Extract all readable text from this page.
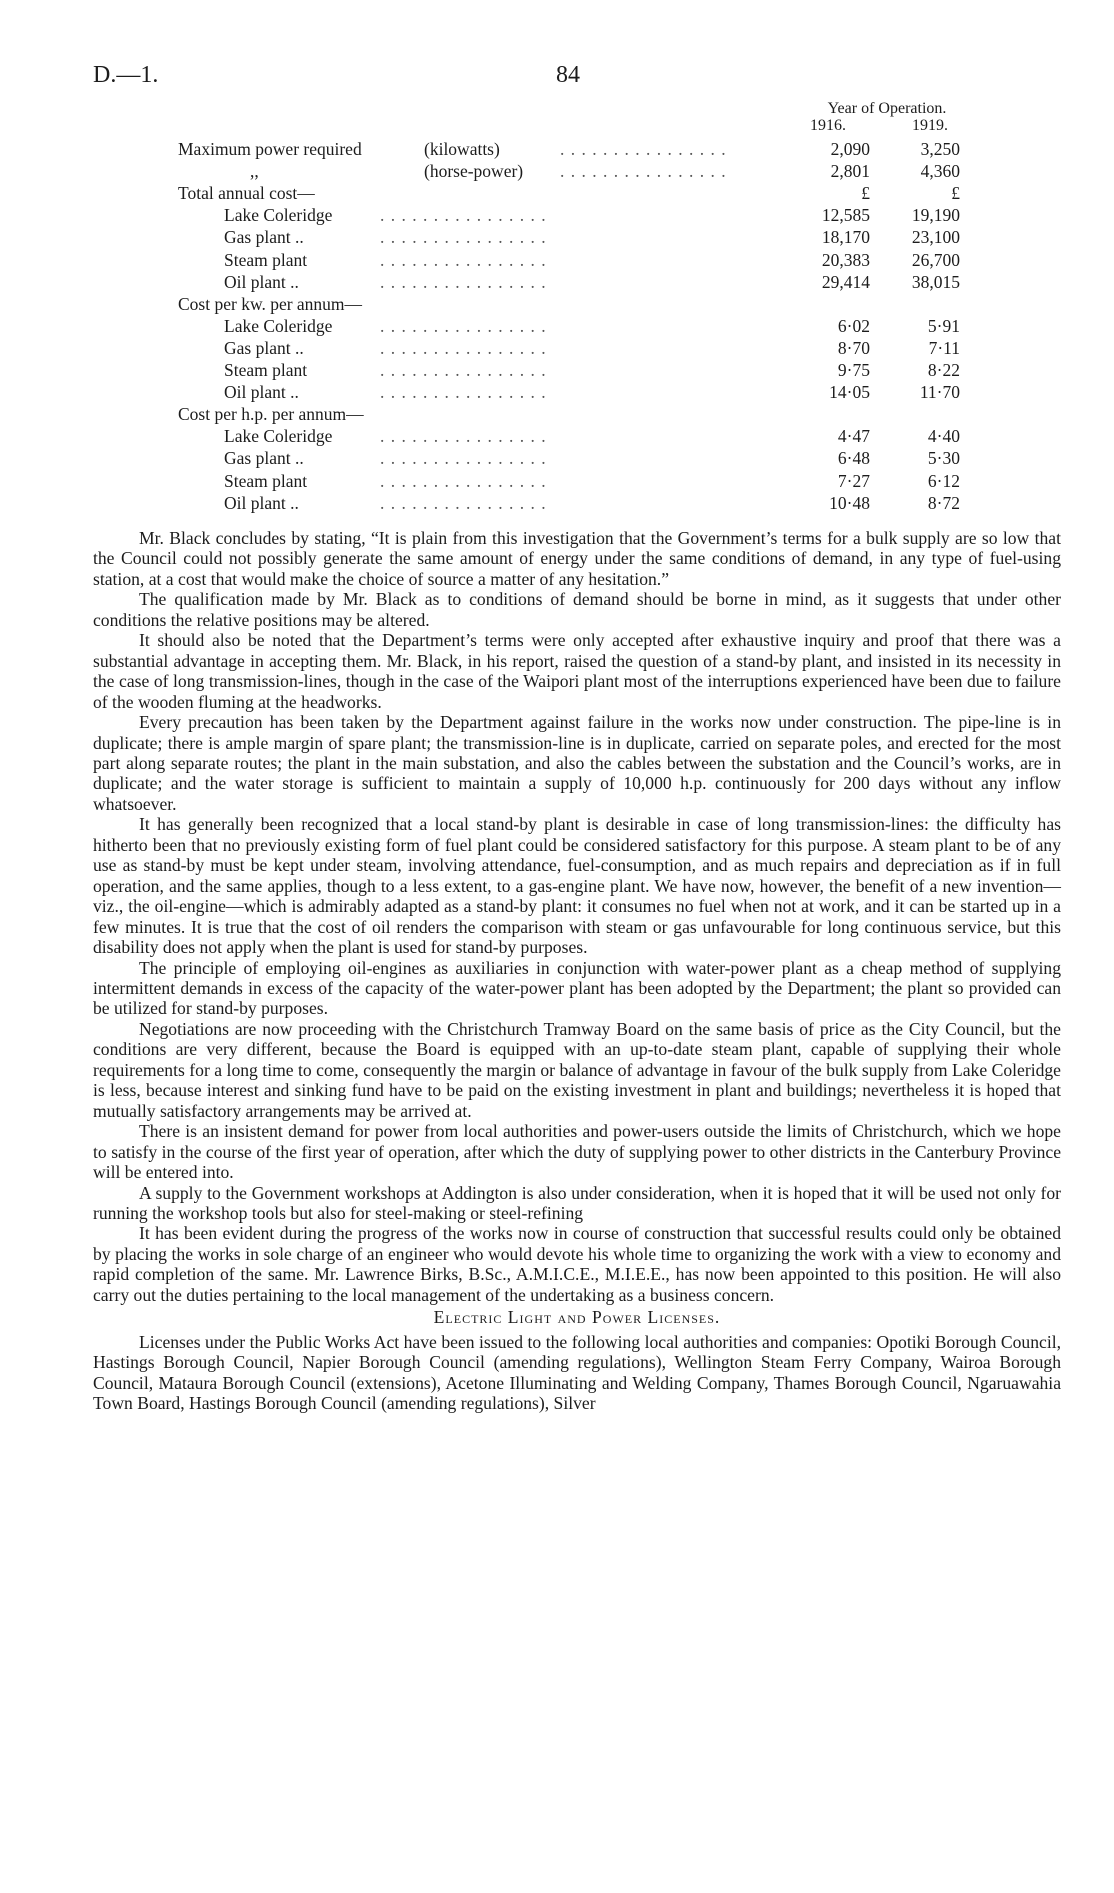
D.—1.	84
Year of Operation.
1916.	1919.
Maximum power required	(kilowatts)	. . . . . . . . . . . . . . . .	2,090	3,250
,,	(horse-power) . . . . . . . . . . . . . . . .	2,801	4,360
Total annual cost—	£	£
Lake Coleridge	. . . . . . . . . . . . . . . .	12,585	19,190
Gas plant ..	. . . . . . . . . . . . . . . .	18,170	23,100
Steam plant	. . . . . . . . . . . . . . . .	20,383	26,700
Oil plant ..	. . . . . . . . . . . . . . . .	29,414	38,015
Cost per kw. per annum—
Lake Coleridge	. . . . . . . . . . . . . . . .	6·02	5·91
Gas plant ..	. . . . . . . . . . . . . . . .	8·70	7·11
Steam plant	. . . . . . . . . . . . . . . .	9·75	8·22
Oil plant ..	. . . . . . . . . . . . . . . .	14·05	11·70
Cost per h.p. per annum—
Lake Coleridge	. . . . . . . . . . . . . . . .	4·47	4·40
Gas plant ..	. . . . . . . . . . . . . . . .	6·48	5·30
Steam plant	. . . . . . . . . . . . . . . .	7·27	6·12
Oil plant ..	. . . . . . . . . . . . . . . .	10·48	8·72

Mr. Black concludes by stating, “It is plain from this investigation that the Government’s terms for a bulk supply are so low that the Council could not possibly generate the same amount of energy under the same conditions of demand, in any type of fuel-using station, at a cost that would make the choice of source a matter of any hesitation.”

The qualification made by Mr. Black as to conditions of demand should be borne in mind, as it suggests that under other conditions the relative positions may be altered.

It should also be noted that the Department’s terms were only accepted after exhaustive inquiry and proof that there was a substantial advantage in accepting them. Mr. Black, in his report, raised the question of a stand-by plant, and insisted in its necessity in the case of long transmission-lines, though in the case of the Waipori plant most of the interruptions experienced have been due to failure of the wooden fluming at the headworks.

Every precaution has been taken by the Department against failure in the works now under construction. The pipe-line is in duplicate; there is ample margin of spare plant; the transmission-line is in duplicate, carried on separate poles, and erected for the most part along separate routes; the plant in the main substation, and also the cables between the substation and the Council’s works, are in duplicate; and the water storage is sufficient to maintain a supply of 10,000 h.p. continuously for 200 days without any inflow whatsoever.

It has generally been recognized that a local stand-by plant is desirable in case of long transmission-lines: the difficulty has hitherto been that no previously existing form of fuel plant could be considered satisfactory for this purpose. A steam plant to be of any use as stand-by must be kept under steam, involving attendance, fuel-consumption, and as much repairs and depreciation as if in full operation, and the same applies, though to a less extent, to a gas-engine plant. We have now, however, the benefit of a new invention—viz., the oil-engine—which is admirably adapted as a stand-by plant: it consumes no fuel when not at work, and it can be started up in a few minutes. It is true that the cost of oil renders the comparison with steam or gas unfavourable for long continuous service, but this disability does not apply when the plant is used for stand-by purposes.

The principle of employing oil-engines as auxiliaries in conjunction with water-power plant as a cheap method of supplying intermittent demands in excess of the capacity of the water-power plant has been adopted by the Department; the plant so provided can be utilized for stand-by purposes.

Negotiations are now proceeding with the Christchurch Tramway Board on the same basis of price as the City Council, but the conditions are very different, because the Board is equipped with an up-to-date steam plant, capable of supplying their whole requirements for a long time to come, consequently the margin or balance of advantage in favour of the bulk supply from Lake Coleridge is less, because interest and sinking fund have to be paid on the existing investment in plant and buildings; nevertheless it is hoped that mutually satisfactory arrangements may be arrived at.

There is an insistent demand for power from local authorities and power-users outside the limits of Christchurch, which we hope to satisfy in the course of the first year of operation, after which the duty of supplying power to other districts in the Canterbury Province will be entered into.

A supply to the Government workshops at Addington is also under consideration, when it is hoped that it will be used not only for running the workshop tools but also for steel-making or steel-refining

It has been evident during the progress of the works now in course of construction that successful results could only be obtained by placing the works in sole charge of an engineer who would devote his whole time to organizing the work with a view to economy and rapid completion of the same. Mr. Lawrence Birks, B.Sc., A.M.I.C.E., M.I.E.E., has now been appointed to this position. He will also carry out the duties pertaining to the local management of the undertaking as a business concern.

Electric Light and Power Licenses.

Licenses under the Public Works Act have been issued to the following local authorities and companies: Opotiki Borough Council, Hastings Borough Council, Napier Borough Council (amending regulations), Wellington Steam Ferry Company, Wairoa Borough Council, Mataura Borough Council (extensions), Acetone Illuminating and Welding Company, Thames Borough Council, Ngaruawahia Town Board, Hastings Borough Council (amending regulations), Silver
